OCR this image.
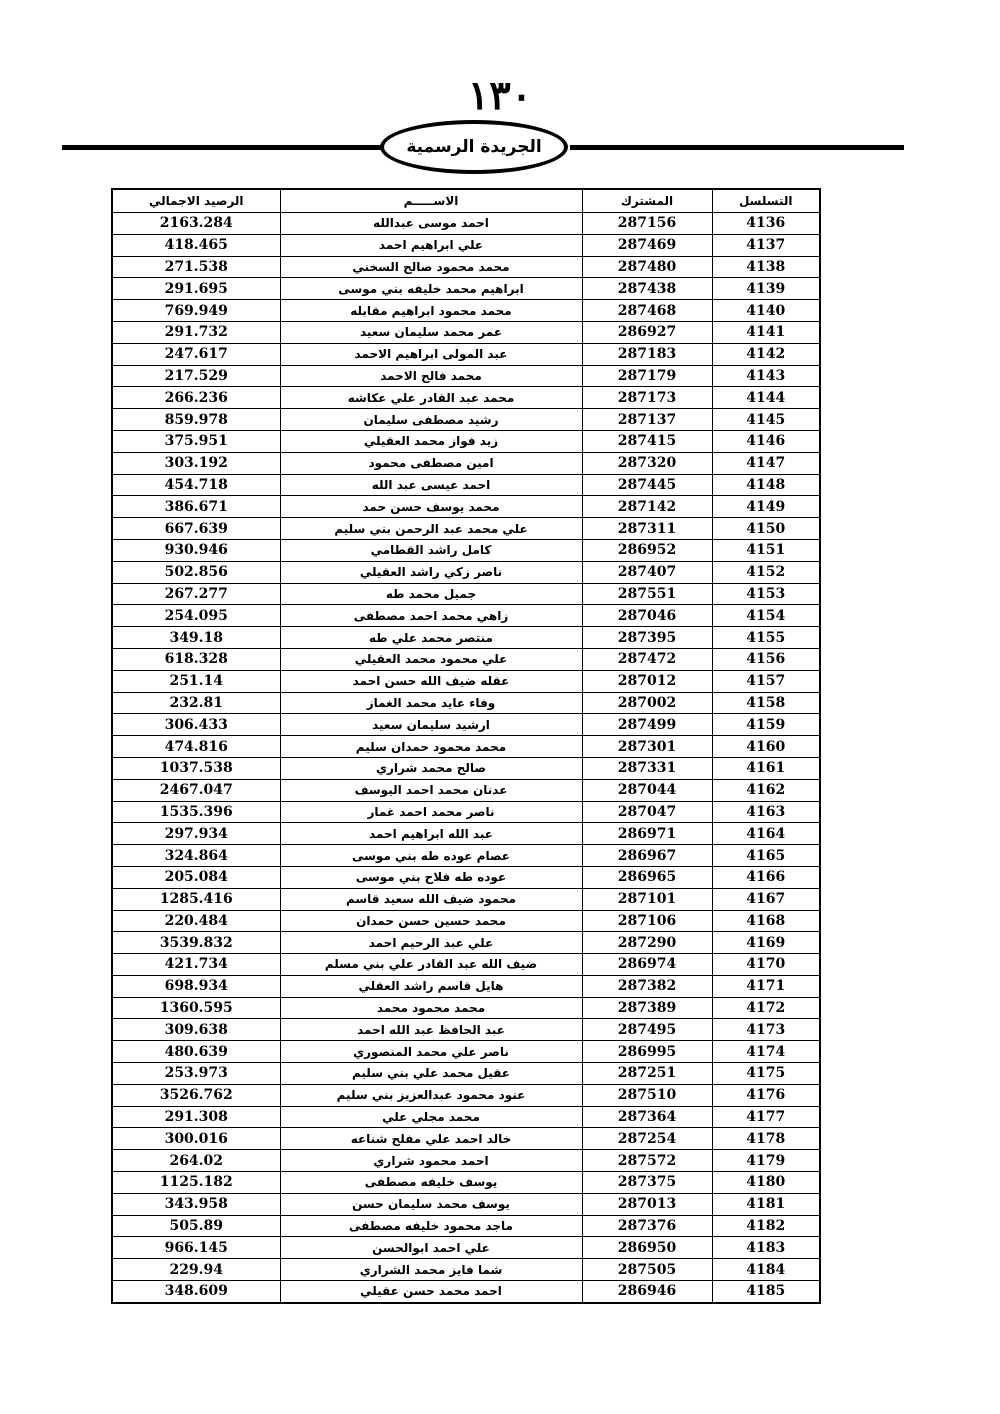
١٣٠
الجريدة الرسمية
التسلسل	المشترك	الاســـــم	الرصيد الاجمالي
4136	287156	احمد موسى عبدالله	2163.284
4137	287469	علي ابراهيم احمد	418.465
4138	287480	محمد محمود صالح السخني	271.538
4139	287438	ابراهيم محمد خليفه بني موسى	291.695
4140	287468	محمد محمود ابراهيم مقابله	769.949
4141	286927	عمر محمد سليمان سعيد	291.732
4142	287183	عبد المولى ابراهيم الاحمد	247.617
4143	287179	محمد فالح الاحمد	217.529
4144	287173	محمد عبد القادر علي عكاشه	266.236
4145	287137	رشيد مصطفى سليمان	859.978
4146	287415	زيد فواز محمد العقيلي	375.951
4147	287320	امين مصطفى محمود	303.192
4148	287445	احمد عيسى عبد الله	454.718
4149	287142	محمد يوسف حسن حمد	386.671
4150	287311	علي محمد عبد الرحمن بني سليم	667.639
4151	286952	كامل راشد القطامي	930.946
4152	287407	ناصر زكي راشد العقيلي	502.856
4153	287551	جميل محمد طه	267.277
4154	287046	زاهي محمد احمد مصطفى	254.095
4155	287395	منتصر محمد علي طه	349.18
4156	287472	علي محمود محمد العقيلي	618.328
4157	287012	عقله ضيف الله حسن احمد	251.14
4158	287002	وفاء عايد محمد الغماز	232.81
4159	287499	ارشيد سليمان سعيد	306.433
4160	287301	محمد محمود حمدان سليم	474.816
4161	287331	صالح محمد شراري	1037.538
4162	287044	عدنان محمد احمد اليوسف	2467.047
4163	287047	ناصر محمد احمد غمار	1535.396
4164	286971	عبد الله ابراهيم احمد	297.934
4165	286967	عصام عوده طه بني موسى	324.864
4166	286965	عوده طه فلاح بني موسى	205.084
4167	287101	محمود ضيف الله سعيد قاسم	1285.416
4168	287106	محمد حسين حسن حمدان	220.484
4169	287290	علي عبد الرحيم احمد	3539.832
4170	286974	ضيف الله عبد القادر علي بني مسلم	421.734
4171	287382	هايل قاسم راشد العقلي	698.934
4172	287389	محمد محمود محمد	1360.595
4173	287495	عبد الحافظ عبد الله احمد	309.638
4174	286995	ناصر علي محمد المنصوري	480.639
4175	287251	عقيل محمد علي بني سليم	253.973
4176	287510	عنود محمود عبدالعزيز بني سليم	3526.762
4177	287364	محمد مجلي علي	291.308
4178	287254	خالد احمد علي مفلح شناعه	300.016
4179	287572	احمد محمود شراري	264.02
4180	287375	يوسف خليفه مصطفى	1125.182
4181	287013	يوسف محمد سليمان حسن	343.958
4182	287376	ماجد محمود خليفه مصطفى	505.89
4183	286950	علي احمد ابوالحسن	966.145
4184	287505	شما فايز محمد الشراري	229.94
4185	286946	احمد محمد حسن عقيلي	348.609
